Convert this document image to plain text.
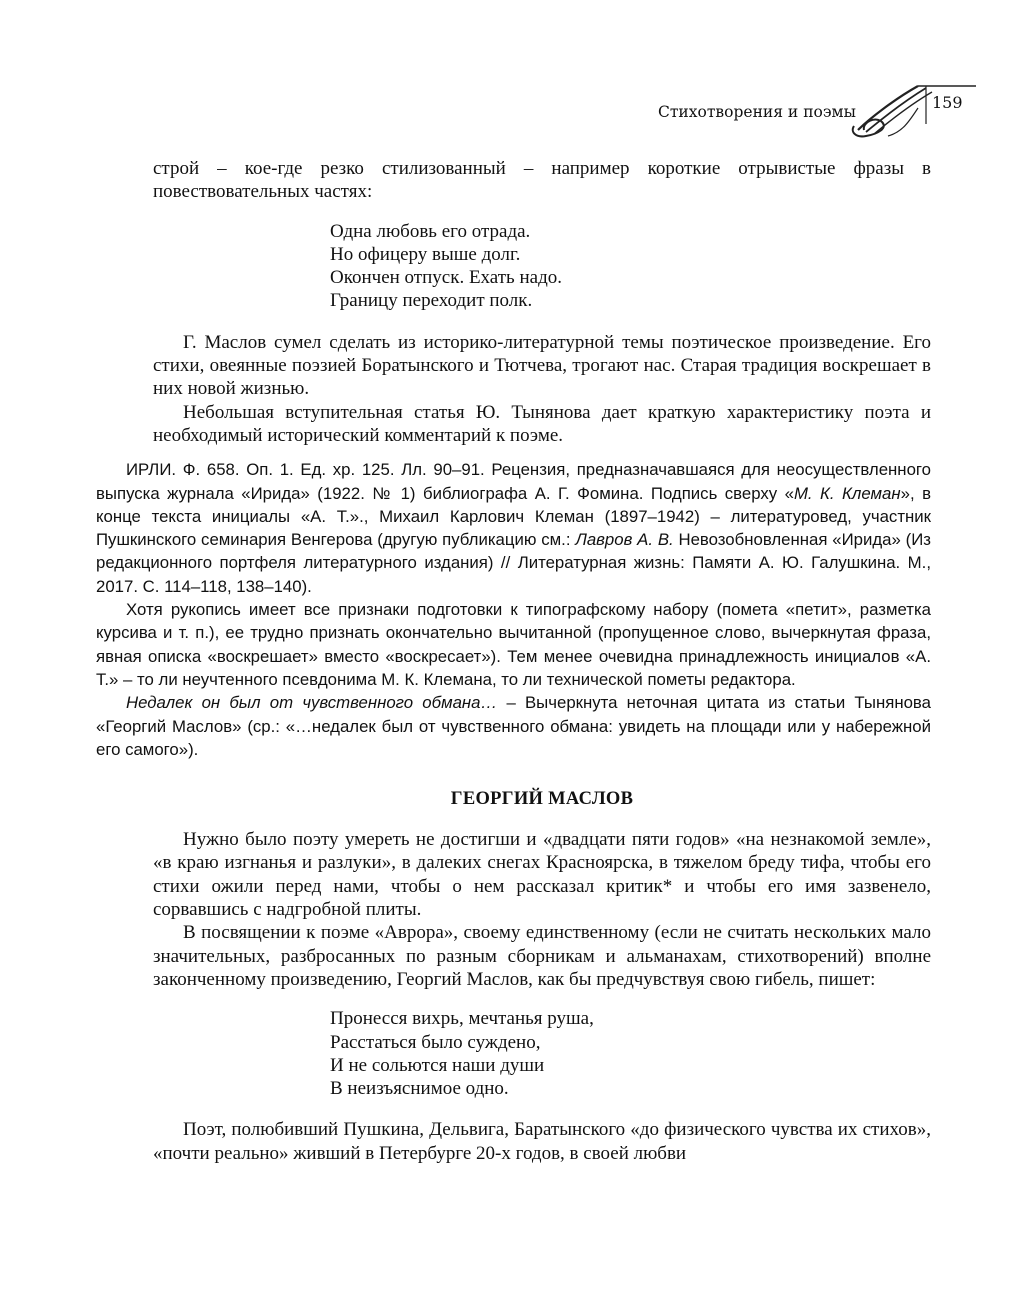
Стихотворения и поэмы	159

строй – кое-где резко стилизованный – например короткие отрывистые фразы в повествовательных частях:

Одна любовь его отрада.
Но офицеру выше долг.
Окончен отпуск. Ехать надо.
Границу переходит полк.

Г. Маслов сумел сделать из историко-литературной темы поэтическое произведение. Его стихи, овеянные поэзией Боратынского и Тютчева, трогают нас. Старая традиция воскрешает в них новой жизнью.

Небольшая вступительная статья Ю. Тынянова дает краткую характеристику поэта и необходимый исторический комментарий к поэме.

ИРЛИ. Ф. 658. Оп. 1. Ед. хр. 125. Лл. 90–91. Рецензия, предназначавшаяся для неосуществленного выпуска журнала «Ирида» (1922. № 1) библиографа А. Г. Фомина. Подпись сверху «М. К. Клеман», в конце текста инициалы «А. Т.»., Михаил Карлович Клеман (1897–1942) – литературовед, участник Пушкинского семинария Венгерова (другую публикацию см.: Лавров А. В. Невозобновленная «Ирида» (Из редакционного портфеля литературного издания) // Литературная жизнь: Памяти А. Ю. Галушкина. М., 2017. С. 114–118, 138–140).

Хотя рукопись имеет все признаки подготовки к типографскому набору (помета «петит», разметка курсива и т. п.), ее трудно признать окончательно вычитанной (пропущенное слово, вычеркнутая фраза, явная описка «воскрешает» вместо «воскресает»). Тем менее очевидна принадлежность инициалов «А. Т.» – то ли неучтенного псевдонима М. К. Клемана, то ли технической пометы редактора.

Недалек он был от чувственного обмана… – Вычеркнута неточная цитата из статьи Тынянова «Георгий Маслов» (ср.: «…недалек был от чувственного обмана: увидеть на площади или у набережной его самого»).

ГЕОРГИЙ МАСЛОВ

Нужно было поэту умереть не достигши и «двадцати пяти годов» «на незнакомой земле», «в краю изгнанья и разлуки», в далеких снегах Красноярска, в тяжелом бреду тифа, чтобы его стихи ожили перед нами, чтобы о нем рассказал критик* и чтобы его имя зазвенело, сорвавшись с надгробной плиты.

В посвящении к поэме «Аврора», своему единственному (если не считать нескольких мало значительных, разбросанных по разным сборникам и альманахам, стихотворений) вполне законченному произведению, Георгий Маслов, как бы предчувствуя свою гибель, пишет:

Пронесся вихрь, мечтанья руша,
Расстаться было суждено,
И не сольются наши души
В неизъяснимое одно.

Поэт, полюбивший Пушкина, Дельвига, Баратынского «до физического чувства их стихов», «почти реально» живший в Петербурге 20-х годов, в своей любви
